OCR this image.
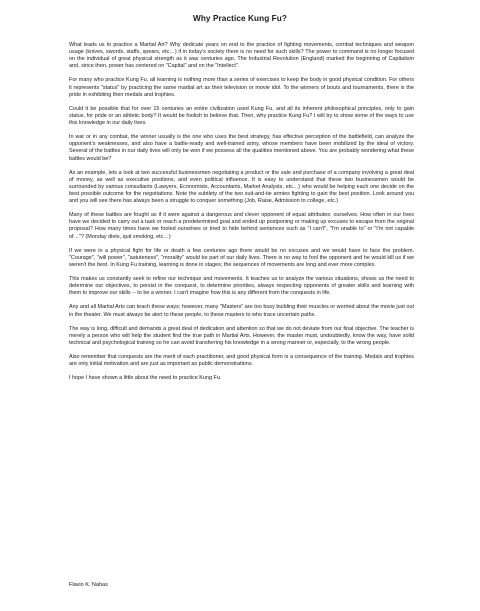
Why Practice Kung Fu?

What leads us to practice a Martial Art? Why dedicate years on end to the practice of fighting movements, combat techniques and weapon usage (knives, swords, staffs, spears, etc…) if in today's society there is no need for such skills? The power to command is no longer focused on the individual of great physical strength as it was centuries ago. The Industrial Revolution (England) marked the beginning of Capitalism and, since then, power has centered on "Capital" and on the "Intellect".

For many who practice Kung Fu, all learning is nothing more than a series of exercises to keep the body in good physical condition. For others it represents "status" by practicing the same martial art as their television or movie idol. To the winners of bouts and tournaments, there is the pride in exhibiting their medals and trophies.

Could it be possible that for over 15 centuries an entire civilization used Kung Fu, and all its inherent philosophical principles, only to gain status, for pride or an athletic body? It would be foolish to believe that. Then, why practice Kung Fu? I will try to show some of the ways to use this knowledge in our daily lives.

In war or in any combat, the winner usually is the one who uses the best strategy, has effective perception of the battlefield, can analyze the opponent's weaknesses, and also have a battle-ready and well-trained army, whose members have been mobilized by the ideal of victory. Several of the battles in our daily lives will only be won if we possess all the qualities mentioned above. You are probably wondering what these battles would be?

As an example, lets a look at two successful businessmen negotiating a product or the sale and purchase of a company involving a great deal of money, as well as executive positions, and even political influence. It is easy to understand that these two businessmen would be surrounded by various consultants (Lawyers, Economists, Accountants, Market Analysts, etc…) who would be helping each one decide on the best possible outcome for the negotiations. Note the subtlety of the two suit-and-tie armies fighting to gain the best position. Look around you and you will see there has always been a struggle to conquer something (Job, Raise, Admission to college, etc.)

Many of these battles are fought as if it were against a dangerous and clever opponent of equal attributes: ourselves. How often in our lives have we decided to carry out a task or reach a predetermined goal and ended up postponing or making up excuses to escape from the original proposal? How many times have we fooled ourselves or tried to hide behind sentences such as "I can't", "I'm unable to" or "I'm not capable of…"? (Monday diets, quit smoking, etc…)

If we were in a physical fight for life or death a few centuries ago there would be no excuses and we would have to face the problem. "Courage", "will power", "astuteness", "morality" would be part of our daily lives. There is no way to fool the opponent and he would kill us if we weren't the best. In Kung Fu training, learning is done in stages; the sequences of movements are long and ever more complex.

This makes us constantly seek to refine our technique and movements. It teaches us to analyze the various situations, shows us the need to determine our objectives, to persist in the conquest, to determine priorities, always respecting opponents of greater skills and learning with them to improve our skills -- to be a winner. I can't imagine how this is any different from the conquests in life.

Any and all Martial Arts can teach these ways; however, many "Masters" are too busy building their muscles or worried about the movie just out in the theater. We must always be alert to these people, to these masters to who trace uncertain paths.

The way is long, difficult and demands a great deal of dedication and attention so that we do not deviate from our final objective. The teacher is merely a person who will help the student find the true path in Martial Arts. However, the master must, undoubtedly, know the way, have solid technical and psychological training so he can avoid transferring his knowledge in a wrong manner or, especially, to the wrong people.

Also remember that conquests are the merit of each practitioner, and good physical form is a consequence of the training. Medals and trophies are only initial motivation and are just as important as public demonstrations.

I hope I have shown a little about the need to practice Kung Fu.

Flavio K. Nahas
